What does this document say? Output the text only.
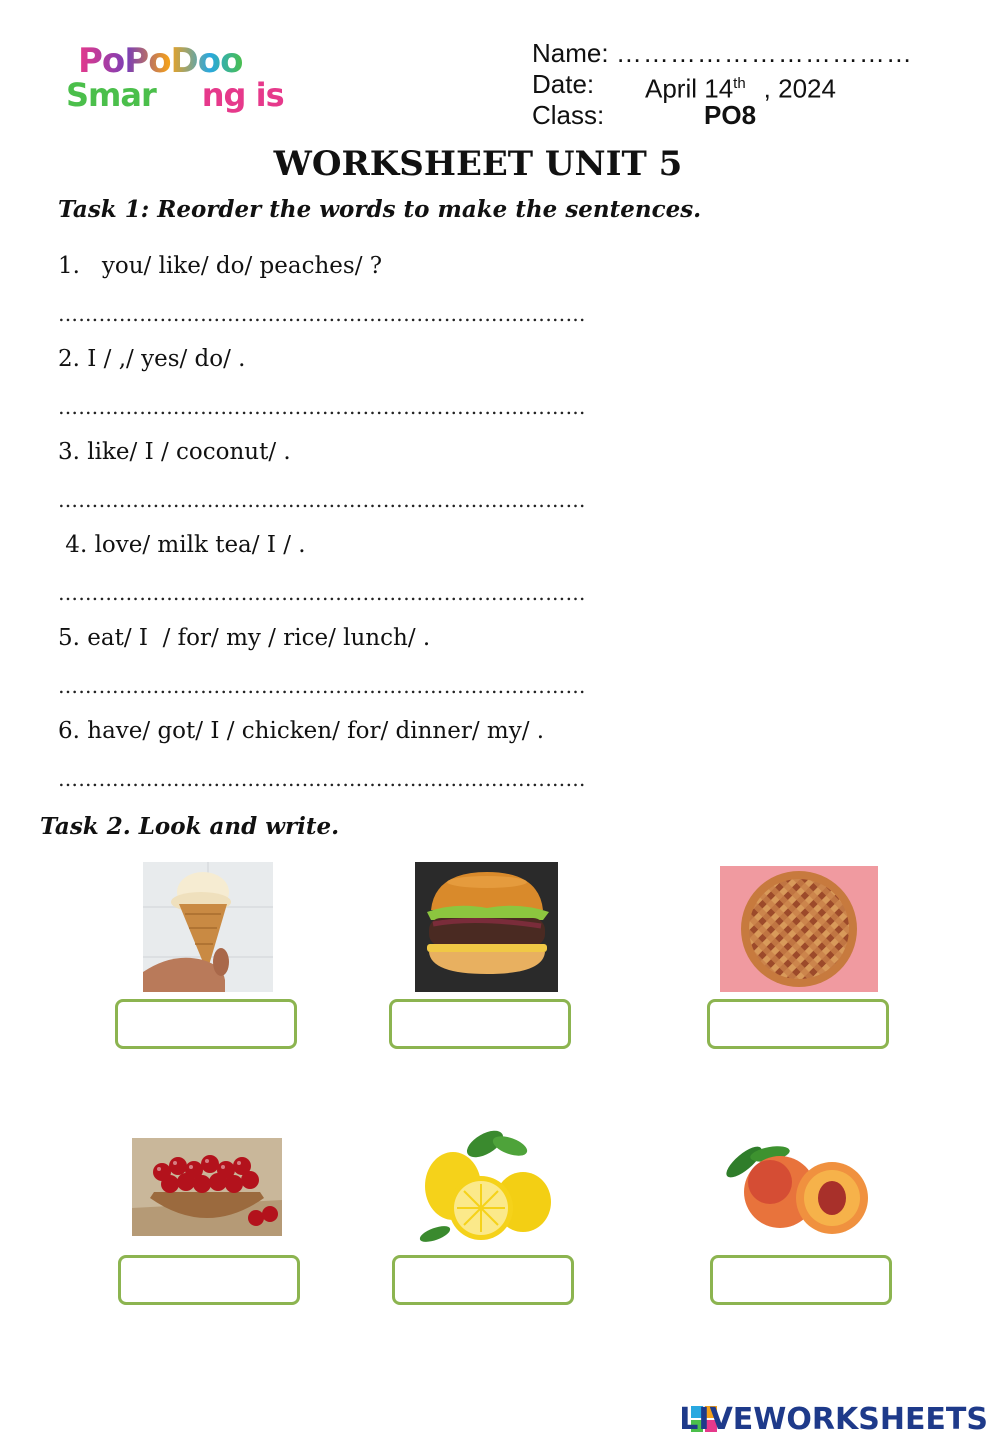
PoPoDoo
Smar ng is
Name: ……………………………
Date: April 14th , 2024
Class:	PO8
WORKSHEET UNIT 5
Task 1: Reorder the words to make the sentences.
1.   you/ like/ do/ peaches/ ?
……………………………………………………………………
2. I / ,/ yes/ do/ .
……………………………………………………………………
3. like/ I / coconut/ .
……………………………………………………………………
4. love/ milk tea/ I / .
……………………………………………………………………
5. eat/ I  / for/ my / rice/ lunch/ .
……………………………………………………………………
6. have/ got/ I / chicken/ for/ dinner/ my/ .
……………………………………………………………………
Task 2. Look and write.
LIVEWORKSHEETS
